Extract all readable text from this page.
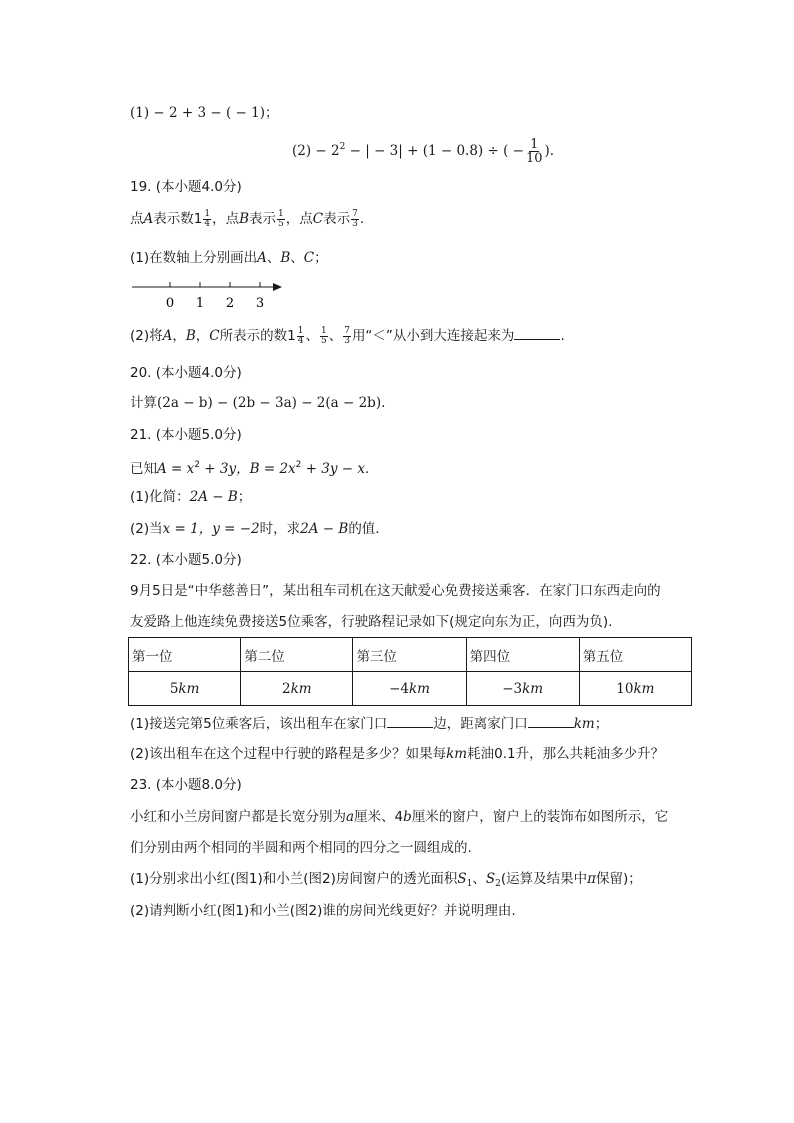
(1) − 2 + 3 − ( − 1)；
$(2) - 2^2$ − | − 3| + (1 − 0.8) ÷ ( − $\frac{1}{10}$ ).
19. (本小题4.0分)
点A表示数$1 \frac{1}{4}$ ，点B表示 $\frac{1}{5}$ ，点C表示 $\frac{7}{3}$ .
(1)在数轴上分别画出A、B、C；
0 1 2 3
(2)将A，B，C所表示的数$1 \frac{1}{4}$ 、 $\frac{1}{5}$ 、 $\frac{7}{3}$ 用“＜”从小到大连接起来为	.
20. (本小题4.0分)
计算(2a − b) − (2b − 3a) − 2(a − 2b).
21. (本小题5.0分)
已知$A = x^2 + 3y$，$B = 2x^2 + 3y - x$.
(1)化简：2A − B；
(2)当x = 1，y = −2时，求2A − B的值.
22. (本小题5.0分)
9月5日是“中华慈善日”，某出租车司机在这天献爱心免费接送乘客．在家门口东西走向的
友爱路上他连续免费接送5位乘客，行驶路程记录如下(规定向东为正，向西为负).
第一位	第二位	第三位	第四位	第五位
5km	2km	−4km	−3km	10km
(1)接送完第5位乘客后，该出租车在家门口	边，距离家门口	km；
(2)该出租车在这个过程中行驶的路程是多少？如果每km耗油0.1升，那么共耗油多少升？
23. (本小题8.0分)
小红和小兰房间窗户都是长宽分别为a厘米、4b厘米的窗户，窗户上的装饰布如图所示，它
们分别由两个相同的半圆和两个相同的四分之一圆组成的.
(1)分别求出小红(图1)和小兰(图2)房间窗户的透光面积$S_1$、$S_2$(运算及结果中π保留)；
(2)请判断小红(图1)和小兰(图2)谁的房间光线更好？并说明理由.
